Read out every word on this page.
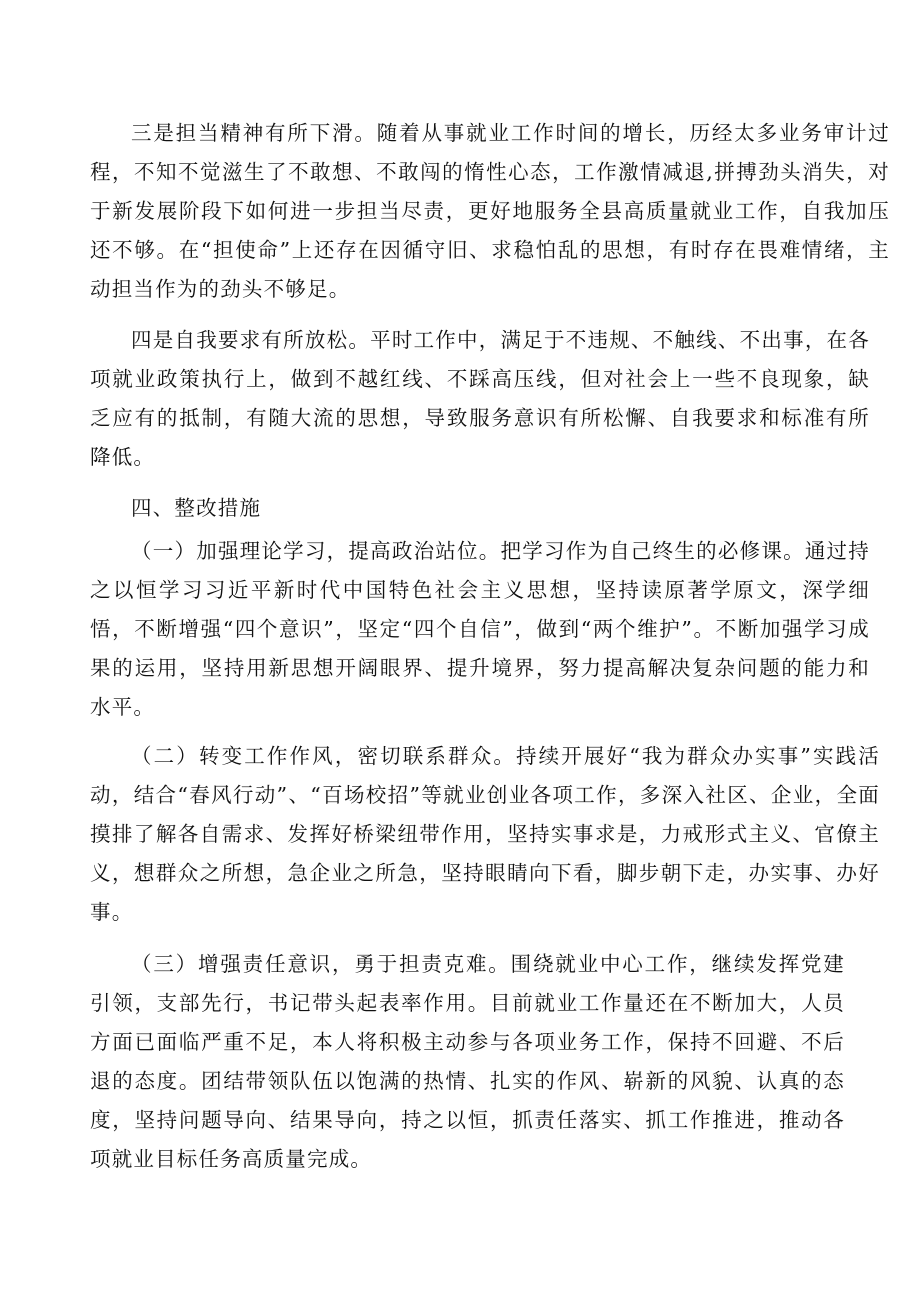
三是担当精神有所下滑。随着从事就业工作时间的增长，历经太多业务审计过程，不知不觉滋生了不敢想、不敢闯的惰性心态，工作激情减退,拼搏劲头消失，对于新发展阶段下如何进一步担当尽责，更好地服务全县高质量就业工作，自我加压还不够。在“担使命”上还存在因循守旧、求稳怕乱的思想，有时存在畏难情绪，主动担当作为的劲头不够足。

四是自我要求有所放松。平时工作中，满足于不违规、不触线、不出事，在各项就业政策执行上，做到不越红线、不踩高压线，但对社会上一些不良现象，缺乏应有的抵制，有随大流的思想，导致服务意识有所松懈、自我要求和标准有所降低。

四、整改措施

（一）加强理论学习，提高政治站位。把学习作为自己终生的必修课。通过持之以恒学习习近平新时代中国特色社会主义思想，坚持读原著学原文，深学细悟，不断增强“四个意识”，坚定“四个自信”，做到“两个维护”。不断加强学习成果的运用，坚持用新思想开阔眼界、提升境界，努力提高解决复杂问题的能力和水平。

（二）转变工作作风，密切联系群众。持续开展好“我为群众办实事”实践活动，结合“春风行动”、“百场校招”等就业创业各项工作，多深入社区、企业，全面摸排了解各自需求、发挥好桥梁纽带作用，坚持实事求是，力戒形式主义、官僚主义，想群众之所想，急企业之所急，坚持眼睛向下看，脚步朝下走，办实事、办好事。

（三）增强责任意识，勇于担责克难。围绕就业中心工作，继续发挥党建引领，支部先行，书记带头起表率作用。目前就业工作量还在不断加大，人员方面已面临严重不足，本人将积极主动参与各项业务工作，保持不回避、不后退的态度。团结带领队伍以饱满的热情、扎实的作风、崭新的风貌、认真的态度，坚持问题导向、结果导向，持之以恒，抓责任落实、抓工作推进，推动各项就业目标任务高质量完成。
